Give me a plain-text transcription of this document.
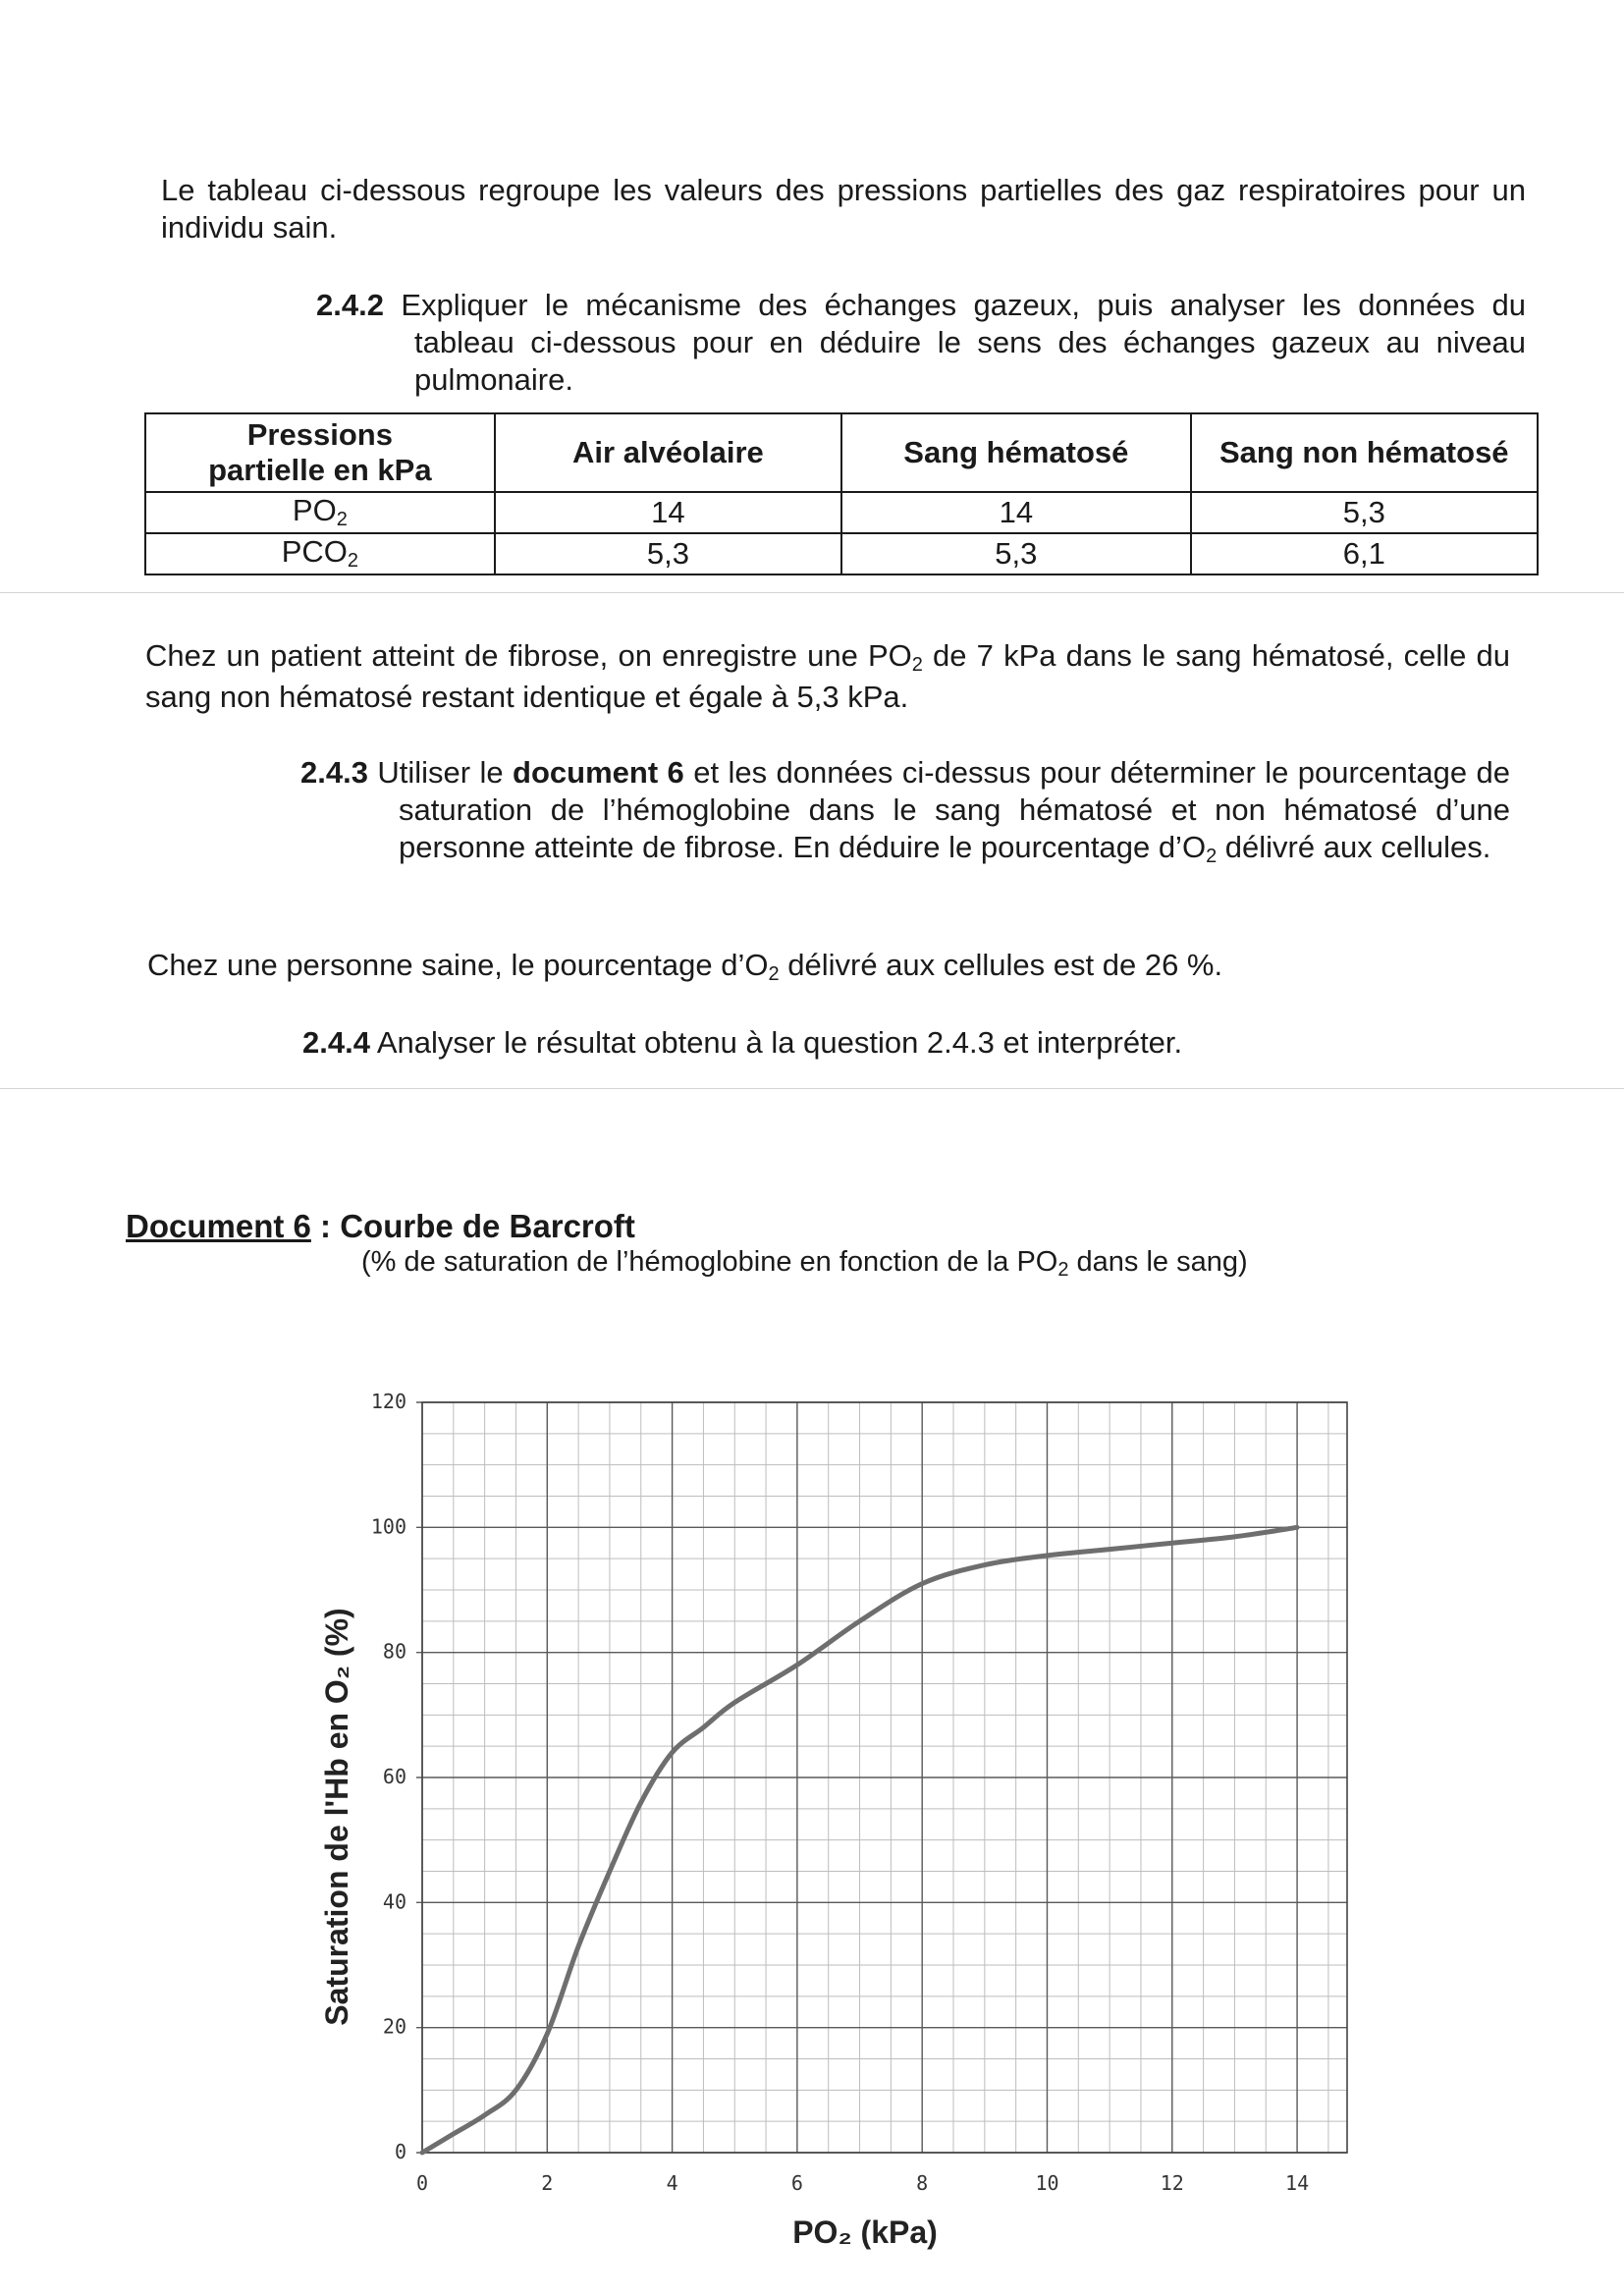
Le tableau ci-dessous regroupe les valeurs des pressions partielles des gaz respiratoires pour un individu sain.

2.4.2 Expliquer le mécanisme des échanges gazeux, puis analyser les données du tableau ci-dessous pour en déduire le sens des échanges gazeux au niveau pulmonaire.

Pressions partielle en kPa	Air alvéolaire	Sang hématosé	Sang non hématosé
PO2	14	14	5,3
PCO2	5,3	5,3	6,1

Chez un patient atteint de fibrose, on enregistre une PO2 de 7 kPa dans le sang hématosé, celle du sang non hématosé restant identique et égale à 5,3 kPa.

2.4.3 Utiliser le document 6 et les données ci-dessus pour déterminer le pourcentage de saturation de l’hémoglobine dans le sang hématosé et non hématosé d’une personne atteinte de fibrose. En déduire le pourcentage d’O2 délivré aux cellules.

Chez une personne saine, le pourcentage d’O2 délivré aux cellules est de 26 %.

2.4.4 Analyser le résultat obtenu à la question 2.4.3 et interpréter.

Document 6 : Courbe de Barcroft
(% de saturation de l’hémoglobine en fonction de la PO2 dans le sang)
0	2	4	6	8	10	12	14
0
20
40
60
80
100
120
PO₂ (kPa)
Saturation de l'Hb en O₂ (%)
